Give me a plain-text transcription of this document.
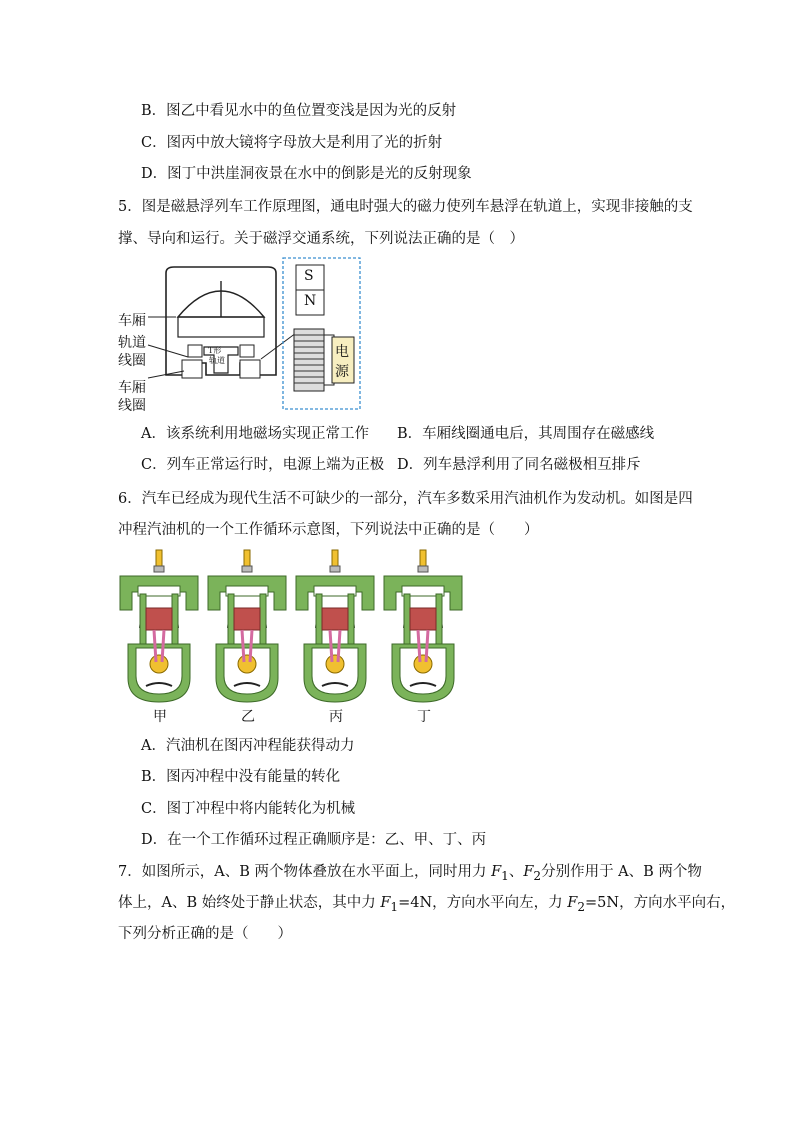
B．图乙中看见水中的鱼位置变浅是因为光的反射
C．图丙中放大镜将字母放大是利用了光的折射
D．图丁中洪崖洞夜景在水中的倒影是光的反射现象
5．图是磁悬浮列车工作原理图，通电时强大的磁力使列车悬浮在轨道上，实现非接触的支
撑、导向和运行。关于磁浮交通系统，下列说法正确的是（　）
车厢
轨道
线圈
车厢
线圈
T形
轨道
S
N
电
源
A．该系统利用地磁场实现正常工作 B．车厢线圈通电后，其周围存在磁感线
C．列车正常运行时，电源上端为正极 D．列车悬浮利用了同名磁极相互排斥
6．汽车已经成为现代生活不可缺少的一部分，汽车多数采用汽油机作为发动机。如图是四
冲程汽油机的一个工作循环示意图，下列说法中正确的是（　　）
甲	乙	丙	丁
A．汽油机在图丙冲程能获得动力
B．图丙冲程中没有能量的转化
C．图丁冲程中将内能转化为机械
D．在一个工作循环过程正确顺序是：乙、甲、丁、丙
7．如图所示，A、B 两个物体叠放在水平面上，同时用力 $F_1$、$F_2$分别作用于 A、B 两个物
体上，A、B 始终处于静止状态，其中力 $F_1=4N$，方向水平向左，力 $F_2=5N$，方向水平向右，
下列分析正确的是（　　）
